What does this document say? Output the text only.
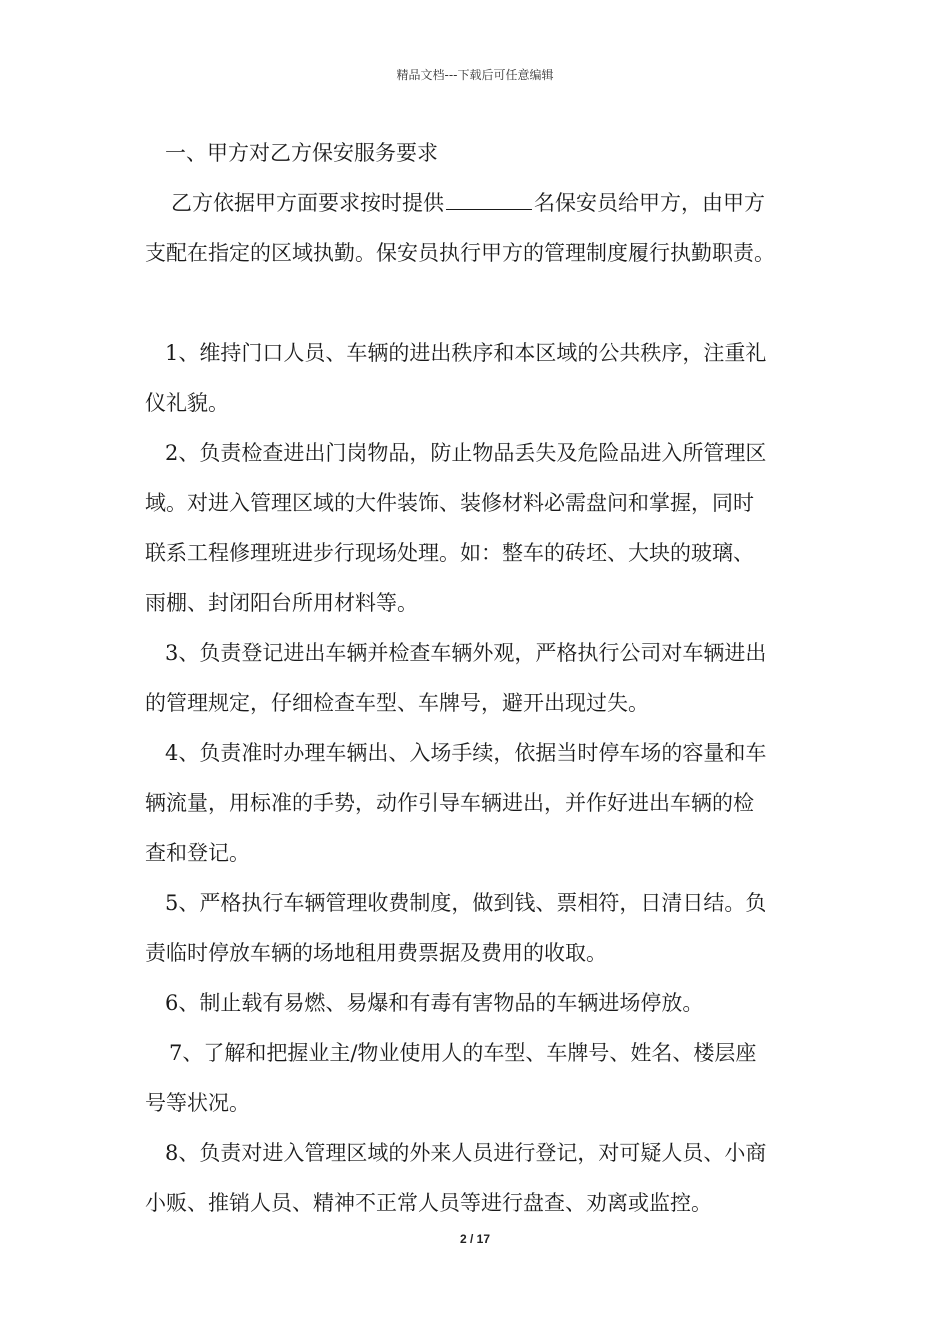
精品文档---下载后可任意编辑
一、甲方对乙方保安服务要求
乙方依据甲方面要求按时提供	名保安员给甲方，由甲方
支配在指定的区域执勤。保安员执行甲方的管理制度履行执勤职责。
1、维持门口人员、车辆的进出秩序和本区域的公共秩序，注重礼
仪礼貌。
2、负责检查进出门岗物品，防止物品丢失及危险品进入所管理区
域。对进入管理区域的大件装饰、装修材料必需盘问和掌握，同时
联系工程修理班进步行现场处理。如：整车的砖坯、大块的玻璃、
雨棚、封闭阳台所用材料等。
3、负责登记进出车辆并检查车辆外观，严格执行公司对车辆进出
的管理规定，仔细检查车型、车牌号，避开出现过失。
4、负责准时办理车辆出、入场手续，依据当时停车场的容量和车
辆流量，用标准的手势，动作引导车辆进出，并作好进出车辆的检
查和登记。
5、严格执行车辆管理收费制度，做到钱、票相符，日清日结。负
责临时停放车辆的场地租用费票据及费用的收取。
6、制止载有易燃、易爆和有毒有害物品的车辆进场停放。
7、了解和把握业主/物业使用人的车型、车牌号、姓名、楼层座
号等状况。
8、负责对进入管理区域的外来人员进行登记，对可疑人员、小商
小贩、推销人员、精神不正常人员等进行盘查、劝离或监控。
2 / 17
